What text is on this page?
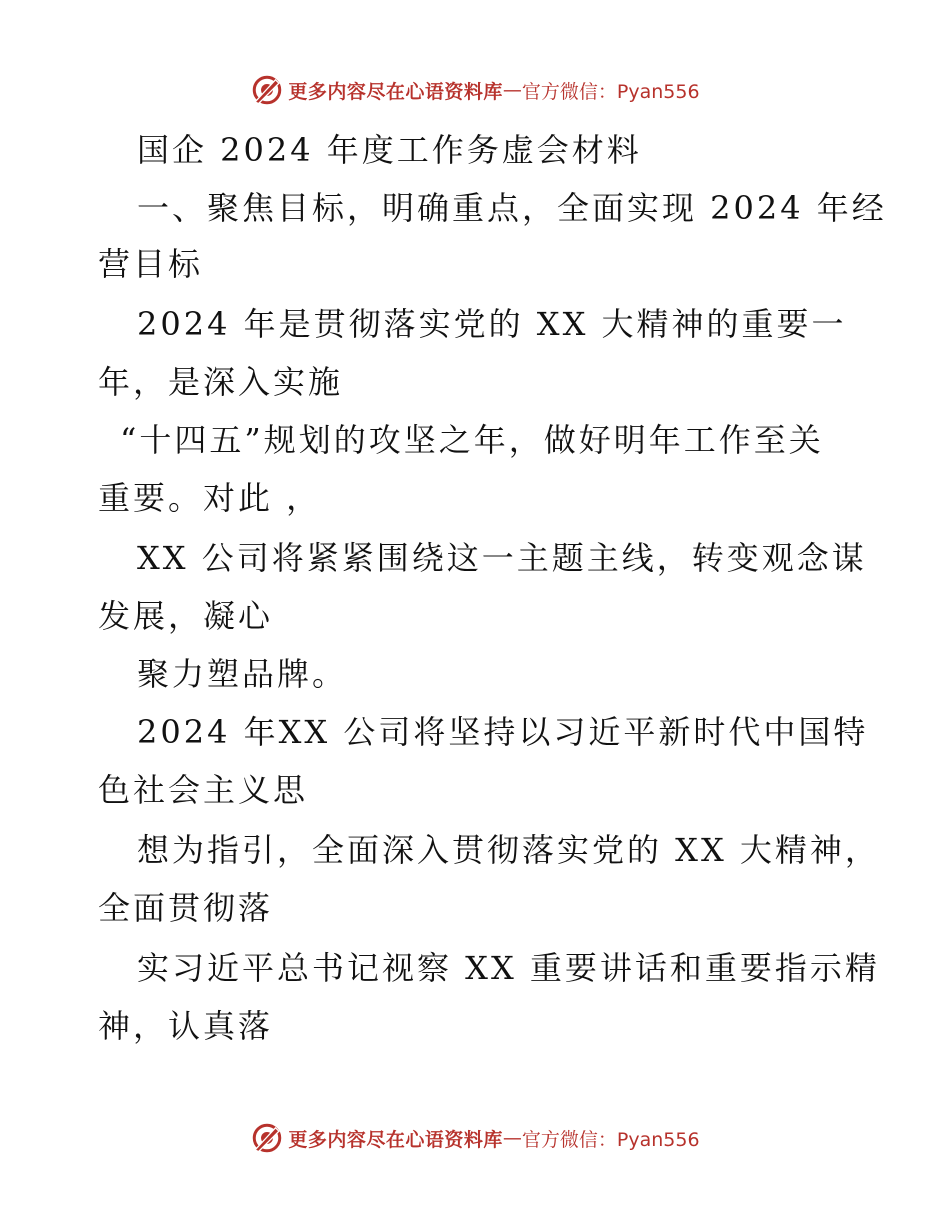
更多内容尽在心语资料库 — 官方微信：Pyan556
国企 2024 年度工作务虚会材料
一、聚焦目标，明确重点，全面实现 2024 年经
营目标
2024 年是贯彻落实党的 XX 大精神的重要一
年，是深入实施
“十四五”规划的攻坚之年，做好明年工作至关
重要。对此 ，
XX 公司将紧紧围绕这一主题主线，转变观念谋
发展，凝心
聚力塑品牌。
2024 年XX 公司将坚持以习近平新时代中国特
色社会主义思
想为指引，全面深入贯彻落实党的 XX 大精神，
全面贯彻落
实习近平总书记视察 XX 重要讲话和重要指示精
神，认真落
更多内容尽在心语资料库 — 官方微信：Pyan556
